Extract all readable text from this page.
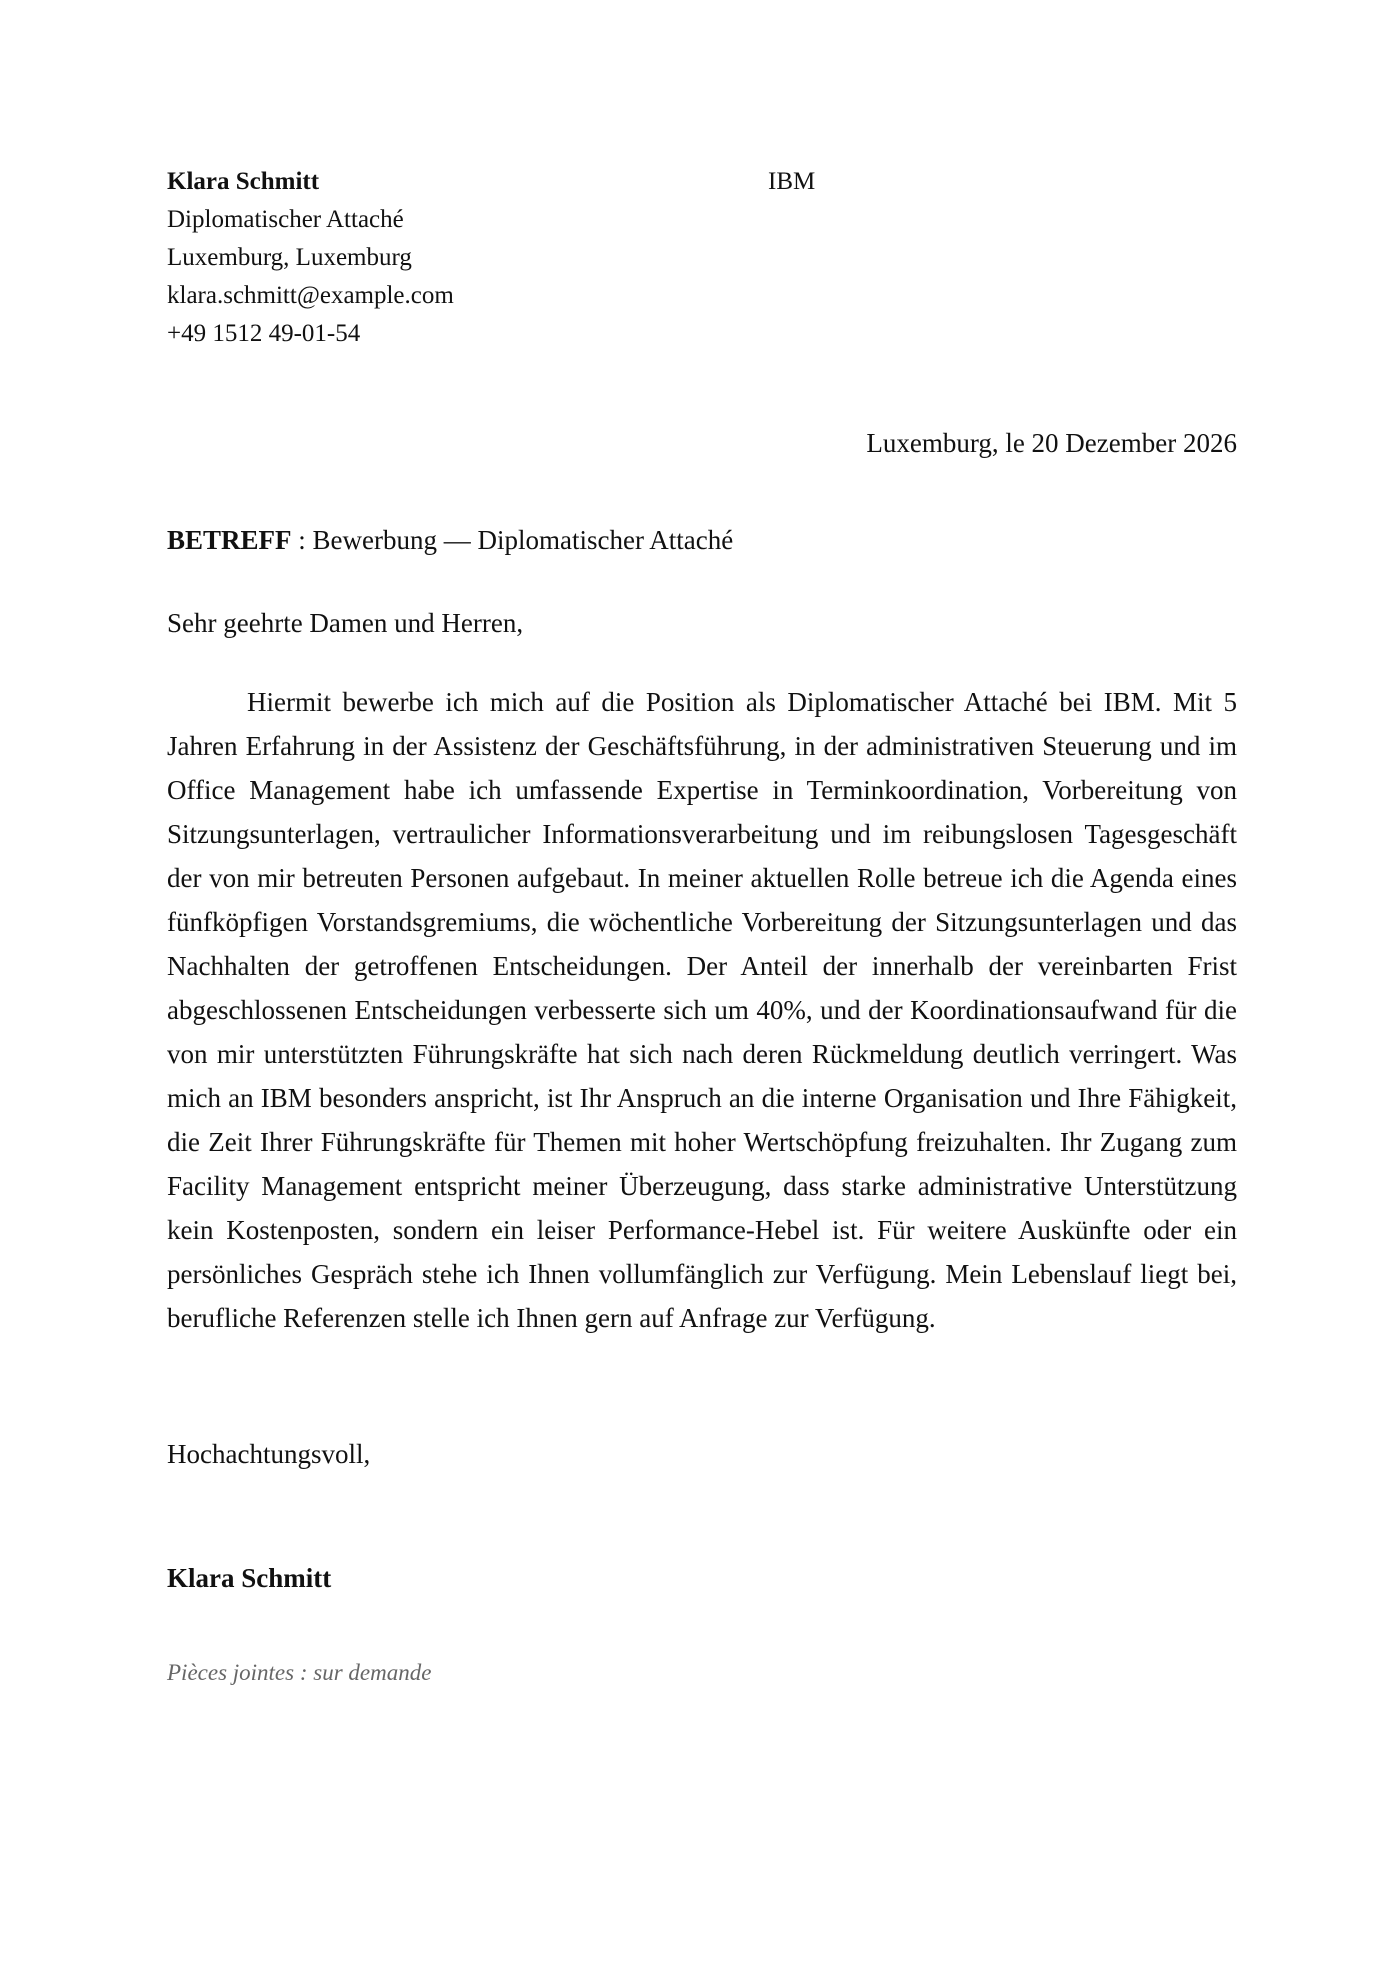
Klara Schmitt
Diplomatischer Attaché
Luxemburg, Luxemburg
klara.schmitt@example.com
+49 1512 49-01-54
IBM
Luxemburg, le 20 Dezember 2026
BETREFF : Bewerbung — Diplomatischer Attaché
Sehr geehrte Damen und Herren,

Hiermit bewerbe ich mich auf die Position als Diplomatischer Attaché bei IBM. Mit 5 Jahren Erfahrung in der Assistenz der Geschäftsführung, in der administrativen Steuerung und im Office Management habe ich umfassende Expertise in Terminkoordination, Vorbereitung von Sitzungsunterlagen, vertraulicher Informationsverarbeitung und im reibungslosen Tagesgeschäft der von mir betreuten Personen aufgebaut. In meiner aktuellen Rolle betreue ich die Agenda eines fünfköpfigen Vorstandsgremiums, die wöchentliche Vorbereitung der Sitzungsunterlagen und das Nachhalten der getroffenen Entscheidungen. Der Anteil der innerhalb der vereinbarten Frist abgeschlossenen Entscheidungen verbesserte sich um 40%, und der Koordinationsaufwand für die von mir unterstützten Führungskräfte hat sich nach deren Rückmeldung deutlich verringert. Was mich an IBM besonders anspricht, ist Ihr Anspruch an die interne Organisation und Ihre Fähigkeit, die Zeit Ihrer Führungskräfte für Themen mit hoher Wertschöpfung freizuhalten. Ihr Zugang zum Facility Management entspricht meiner Überzeugung, dass starke administrative Unterstützung kein Kostenposten, sondern ein leiser Performance-Hebel ist. Für weitere Auskünfte oder ein persönliches Gespräch stehe ich Ihnen vollumfänglich zur Verfügung. Mein Lebenslauf liegt bei, berufliche Referenzen stelle ich Ihnen gern auf Anfrage zur Verfügung.

Hochachtungsvoll,
Klara Schmitt
Pièces jointes : sur demande
